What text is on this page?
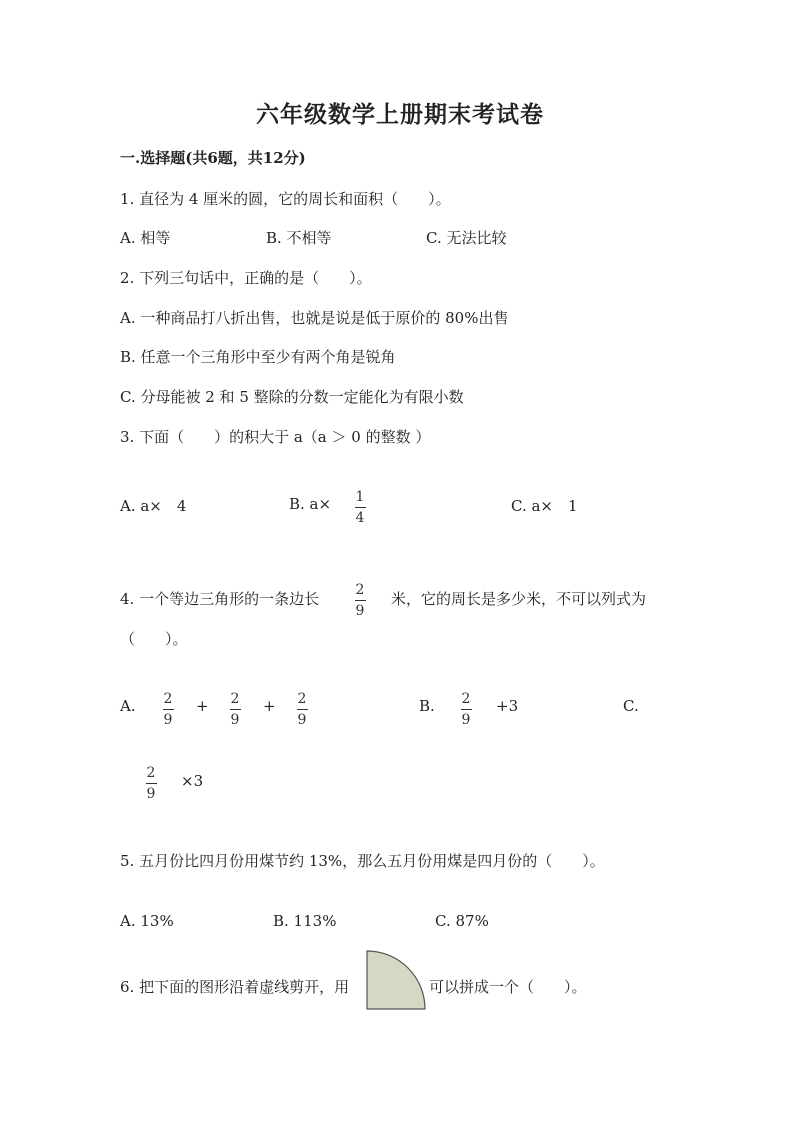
六年级数学上册期末考试卷
一.选择题(共6题，共12分)
1. 直径为 4 厘米的圆，它的周长和面积（　　）。
A. 相等	B. 不相等	C. 无法比较
2. 下列三句话中，正确的是（　　）。
A. 一种商品打八折出售，也就是说是低于原价的 80%出售
B. 任意一个三角形中至少有两个角是锐角
C. 分母能被 2 和 5 整除的分数一定能化为有限小数
3. 下面（　　）的积大于 a（a ＞ 0 的整数 ）
A. a×　4	B. a× 1
4
C. a×　1
4. 一个等边三角形的一条边长	2
9
米，它的周长是多少米，不可以列式为
（　　）。
A. 2
9
+ 2
9
+ 2
9
B. 2
9
+3	C.
2
9
×3
5. 五月份比四月份用煤节约 13%，那么五月份用煤是四月份的（　　）。
A. 13%	B. 113%	C. 87%
6. 把下面的图形沿着虚线剪开，用	可以拼成一个（　　）。
